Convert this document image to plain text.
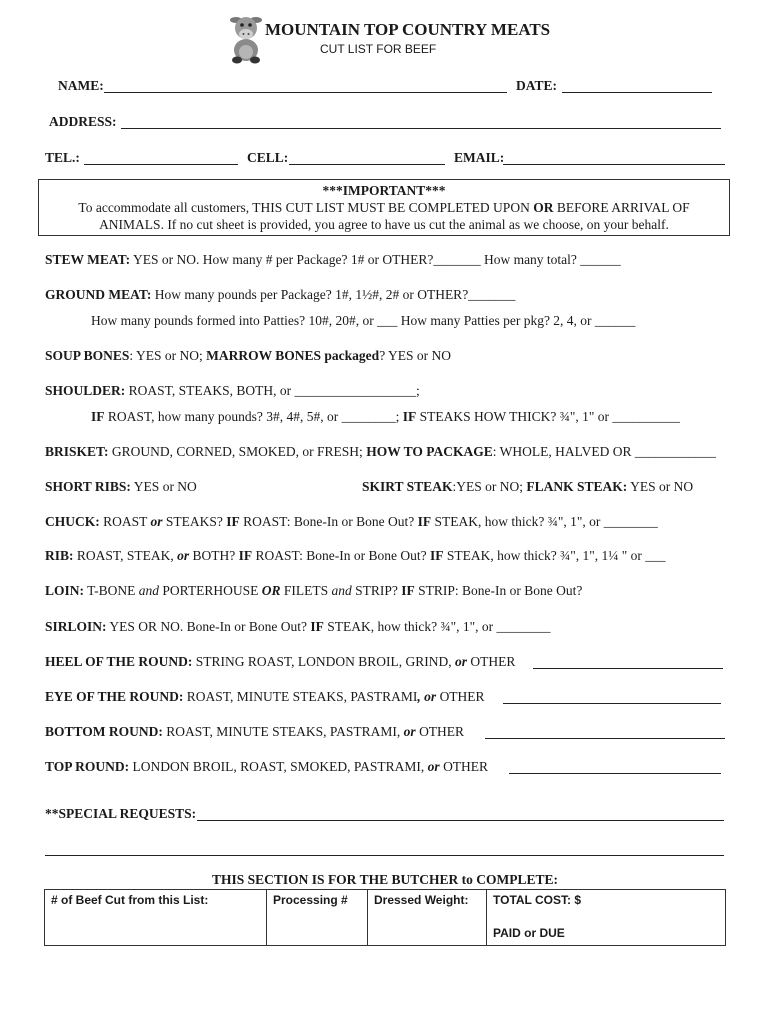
MOUNTAIN TOP COUNTRY MEATS
CUT LIST FOR BEEF
NAME:	DATE:
ADDRESS:
TEL.:	CELL:	EMAIL:
***IMPORTANT***
To accommodate all customers, THIS CUT LIST MUST BE COMPLETED UPON OR BEFORE ARRIVAL OF
ANIMALS. If no cut sheet is provided, you agree to have us cut the animal as we choose, on your behalf.
STEW MEAT: YES or NO. How many # per Package? 1# or OTHER?_______ How many total? ______
GROUND MEAT: How many pounds per Package? 1#, 1½#, 2# or OTHER?_______
How many pounds formed into Patties? 10#, 20#, or ___ How many Patties per pkg? 2, 4, or ______
SOUP BONES: YES or NO; MARROW BONES packaged? YES or NO
SHOULDER: ROAST, STEAKS, BOTH, or __________________;
IF ROAST, how many pounds? 3#, 4#, 5#, or ________; IF STEAKS HOW THICK? ¾", 1" or __________
BRISKET: GROUND, CORNED, SMOKED, or FRESH; HOW TO PACKAGE: WHOLE, HALVED OR ____________
SHORT RIBS: YES or NO	SKIRT STEAK:YES or NO; FLANK STEAK: YES or NO
CHUCK: ROAST or STEAKS? IF ROAST: Bone-In or Bone Out? IF STEAK, how thick? ¾", 1", or ________
RIB: ROAST, STEAK, or BOTH? IF ROAST: Bone-In or Bone Out? IF STEAK, how thick? ¾", 1", 1¼ " or ___
LOIN: T-BONE and PORTERHOUSE OR FILETS and STRIP? IF STRIP: Bone-In or Bone Out?
SIRLOIN: YES OR NO. Bone-In or Bone Out? IF STEAK, how thick? ¾", 1", or ________
HEEL OF THE ROUND: STRING ROAST, LONDON BROIL, GRIND, or OTHER
EYE OF THE ROUND: ROAST, MINUTE STEAKS, PASTRAMI, or OTHER
BOTTOM ROUND: ROAST, MINUTE STEAKS, PASTRAMI, or OTHER
TOP ROUND: LONDON BROIL, ROAST, SMOKED, PASTRAMI, or OTHER
**SPECIAL REQUESTS:
THIS SECTION IS FOR THE BUTCHER to COMPLETE:
# of Beef Cut from this List:	Processing #	Dressed Weight:	TOTAL COST: $
PAID or DUE
